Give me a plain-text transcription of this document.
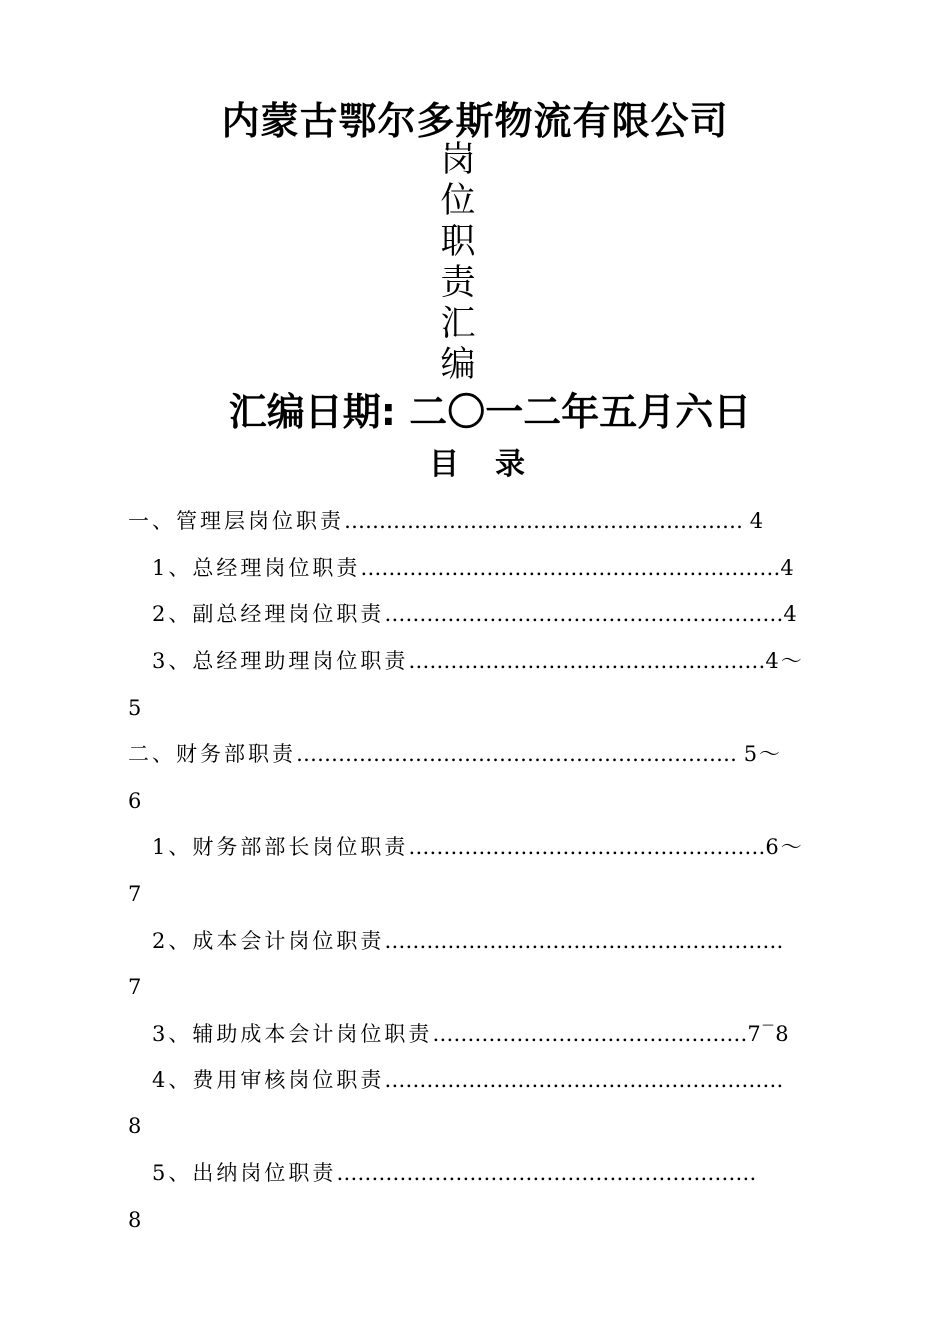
内蒙古鄂尔多斯物流有限公司
岗
位
职
责
汇
编
汇编日期: 二〇一二年五月六日
目录
一、管理层岗位职责………………………………………………… 4
1、总经理岗位职责……………………………………………………4
2、副总经理岗位职责…………………………………………………4
3、总经理助理岗位职责……………………………………………4～
5
二、财务部职责……………………………………………………… 5～
6
1、财务部部长岗位职责……………………………………………6～
7
2、成本会计岗位职责…………………………………………………
7
3、辅助成本会计岗位职责………………………………………7‾8
4、费用审核岗位职责…………………………………………………
8
5、出纳岗位职责……………………………………………………
8
